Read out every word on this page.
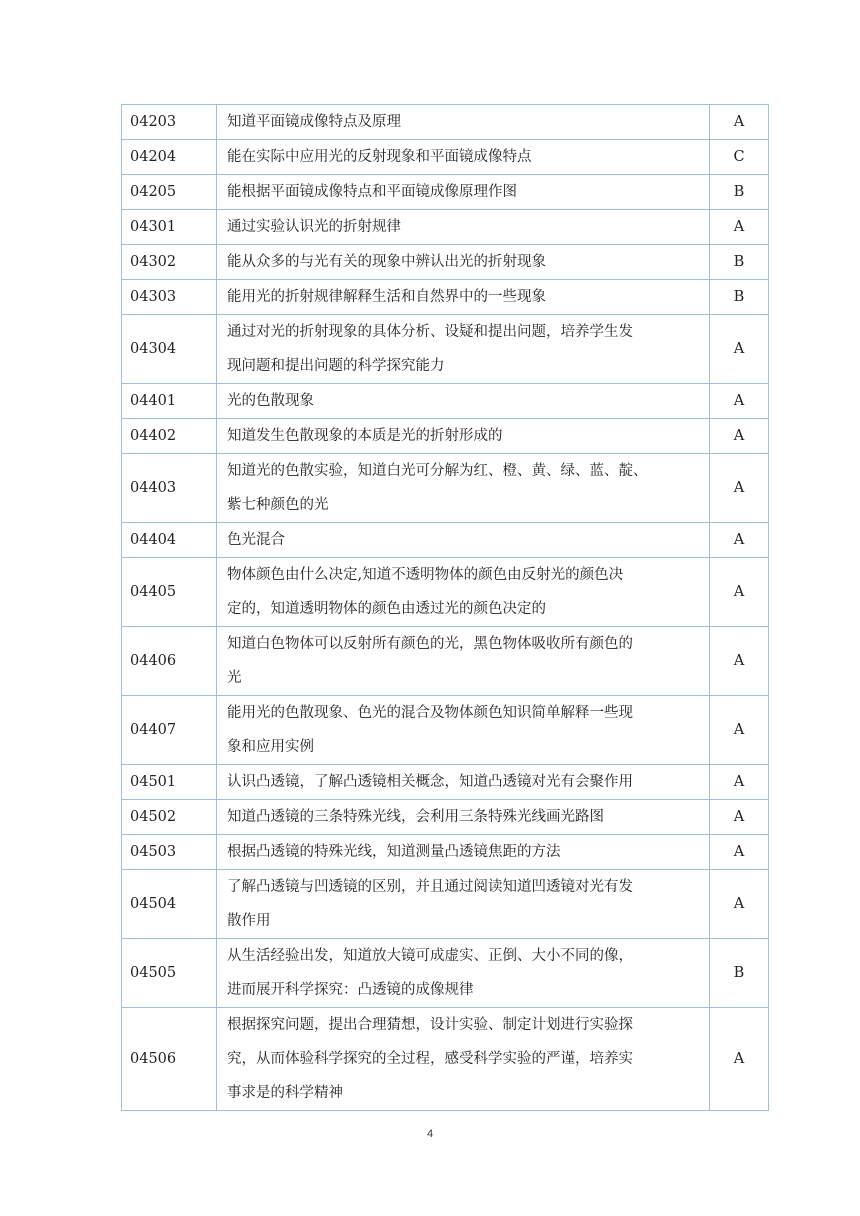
04203	知道平面镜成像特点及原理	A
04204	能在实际中应用光的反射现象和平面镜成像特点	C
04205	能根据平面镜成像特点和平面镜成像原理作图	B
04301	通过实验认识光的折射规律	A
04302	能从众多的与光有关的现象中辨认出光的折射现象	B
04303	能用光的折射规律解释生活和自然界中的一些现象	B
04304	通过对光的折射现象的具体分析、设疑和提出问题，培养学生发
现问题和提出问题的科学探究能力	A
04401	光的色散现象	A
04402	知道发生色散现象的本质是光的折射形成的	A
04403	知道光的色散实验，知道白光可分解为红、橙、黄、绿、蓝、靛、
紫七种颜色的光	A
04404	色光混合	A
04405	物体颜色由什么决定,知道不透明物体的颜色由反射光的颜色决
定的，知道透明物体的颜色由透过光的颜色决定的	A
04406	知道白色物体可以反射所有颜色的光，黑色物体吸收所有颜色的
光	A
04407	能用光的色散现象、色光的混合及物体颜色知识简单解释一些现
象和应用实例	A
04501	认识凸透镜，了解凸透镜相关概念，知道凸透镜对光有会聚作用	A
04502	知道凸透镜的三条特殊光线，会利用三条特殊光线画光路图	A
04503	根据凸透镜的特殊光线，知道测量凸透镜焦距的方法	A
04504	了解凸透镜与凹透镜的区别，并且通过阅读知道凹透镜对光有发
散作用	A
04505	从生活经验出发，知道放大镜可成虚实、正倒、大小不同的像，
进而展开科学探究：凸透镜的成像规律	B
04506	根据探究问题，提出合理猜想，设计实验、制定计划进行实验探
究，从而体验科学探究的全过程，感受科学实验的严谨，培养实
事求是的科学精神	A
4
